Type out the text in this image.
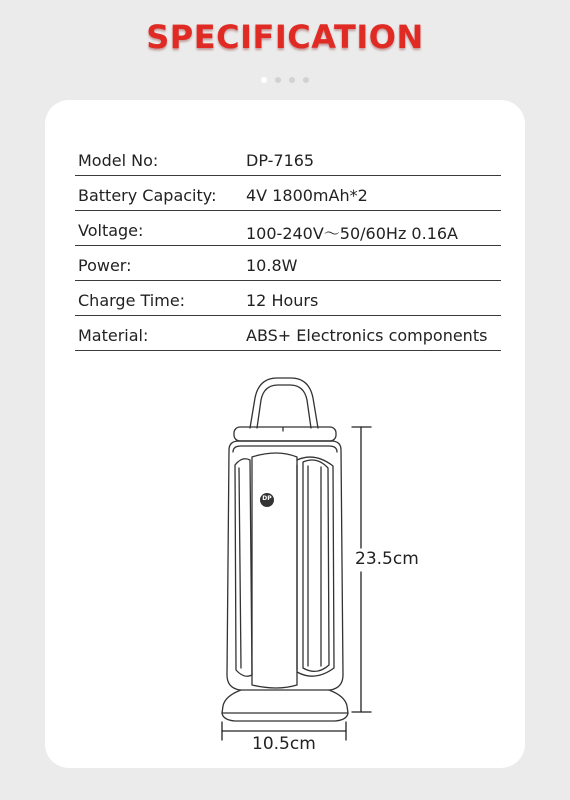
SPECIFICATION
Model No:	DP-7165
Battery Capacity: 4V 1800mAh*2
Voltage:	100-240V～50/60Hz 0.16A
Power:	10.8W
Charge Time:	12 Hours
Material:	ABS+ Electronics components
DP
23.5cm
10.5cm
